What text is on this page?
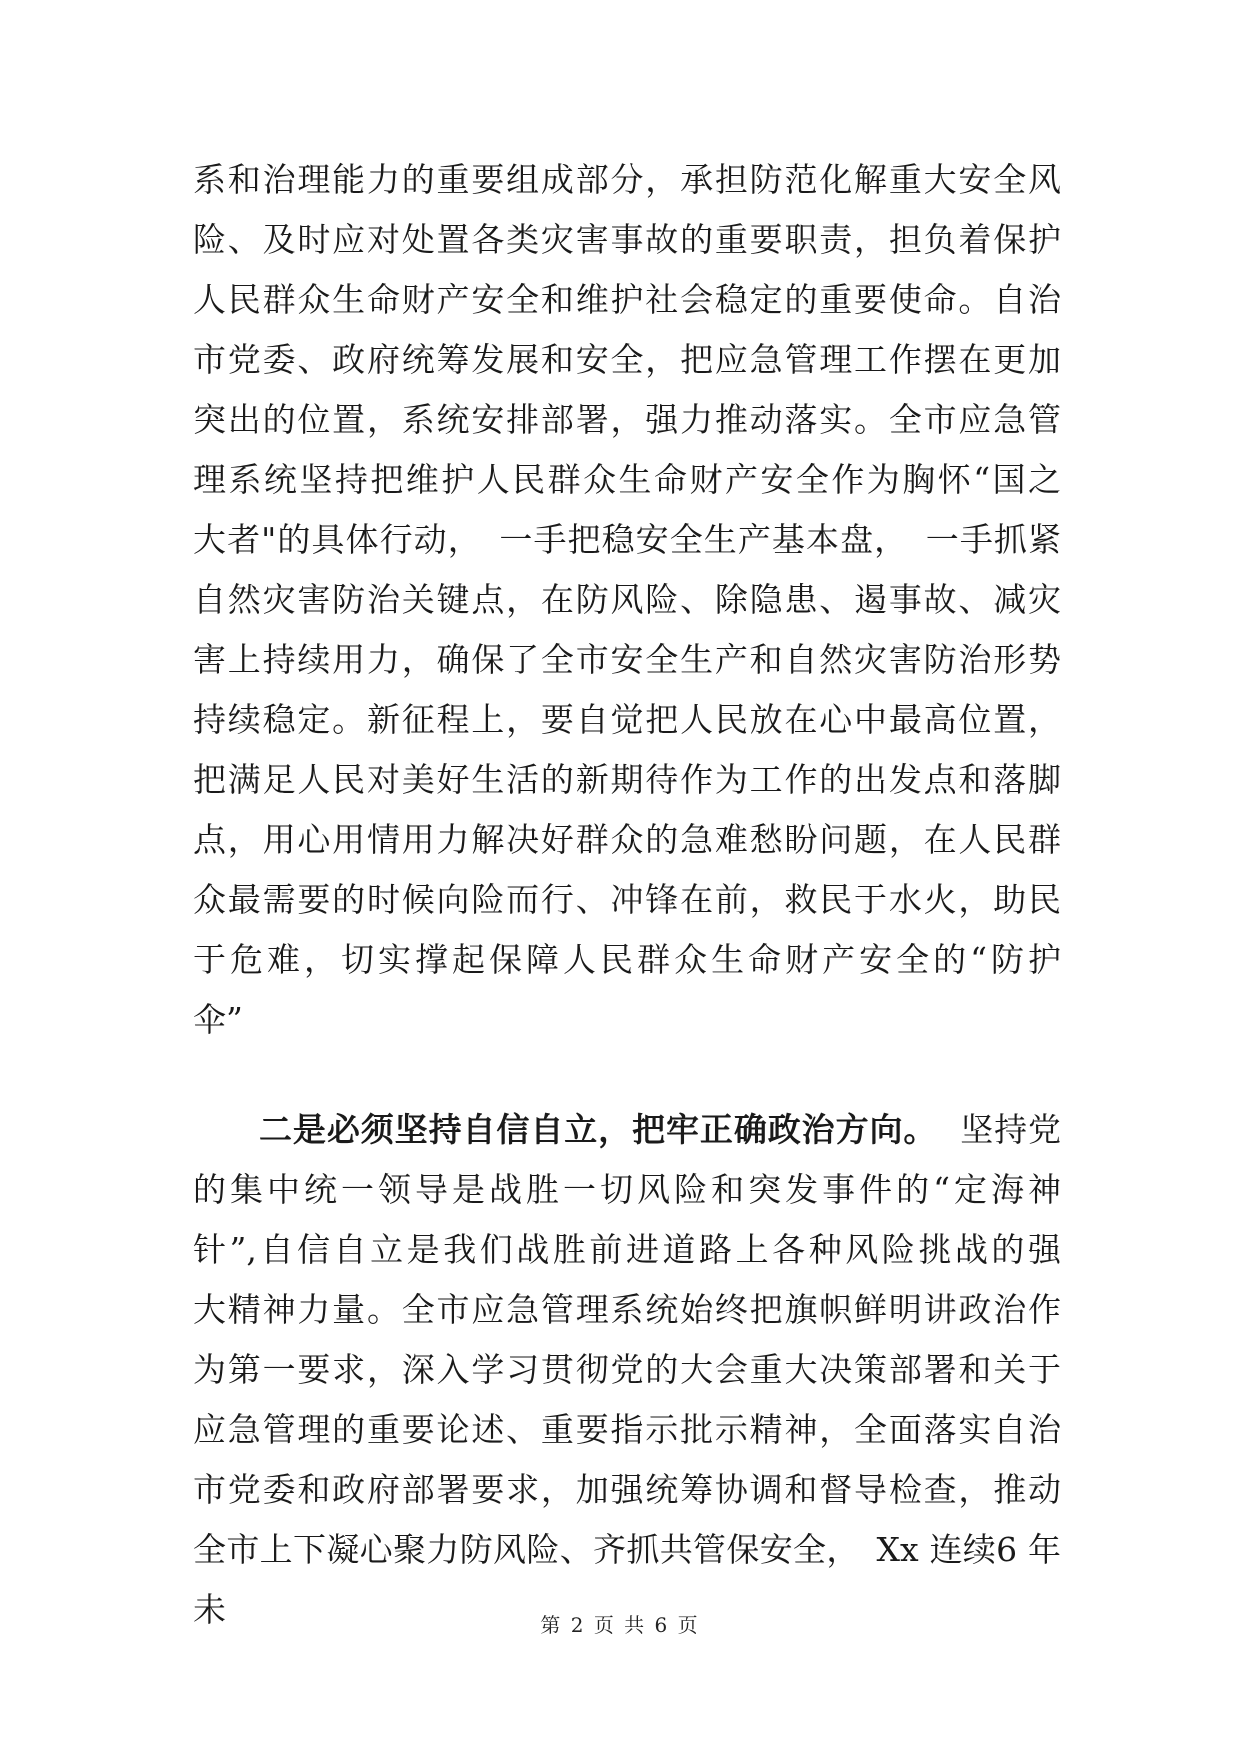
系和治理能力的重要组成部分，承担防范化解重大安全风
险、及时应对处置各类灾害事故的重要职责，担负着保护
人民群众生命财产安全和维护社会稳定的重要使命。自治
市党委、政府统筹发展和安全，把应急管理工作摆在更加
突出的位置，系统安排部署，强力推动落实。全市应急管
理系统坚持把维护人民群众生命财产安全作为胸怀“国之
大者"的具体行动，　一手把稳安全生产基本盘，　一手抓紧
自然灾害防治关键点，在防风险、除隐患、遏事故、减灾
害上持续用力，确保了全市安全生产和自然灾害防治形势
持续稳定。新征程上，要自觉把人民放在心中最高位置，
把满足人民对美好生活的新期待作为工作的出发点和落脚
点，用心用情用力解决好群众的急难愁盼问题，在人民群
众最需要的时候向险而行、冲锋在前，救民于水火，助民
于危难，切实撑起保障人民群众生命财产安全的“防护
伞”
二是必须坚持自信自立，把牢正确政治方向。 坚持党
的集中统一领导是战胜一切风险和突发事件的“定海神
针”,自信自立是我们战胜前进道路上各种风险挑战的强
大精神力量。全市应急管理系统始终把旗帜鲜明讲政治作
为第一要求，深入学习贯彻党的大会重大决策部署和关于
应急管理的重要论述、重要指示批示精神，全面落实自治
市党委和政府部署要求，加强统筹协调和督导检查，推动
全市上下凝心聚力防风险、齐抓共管保安全，　Xx 连续6 年
未	第 2 页 共 6 页
